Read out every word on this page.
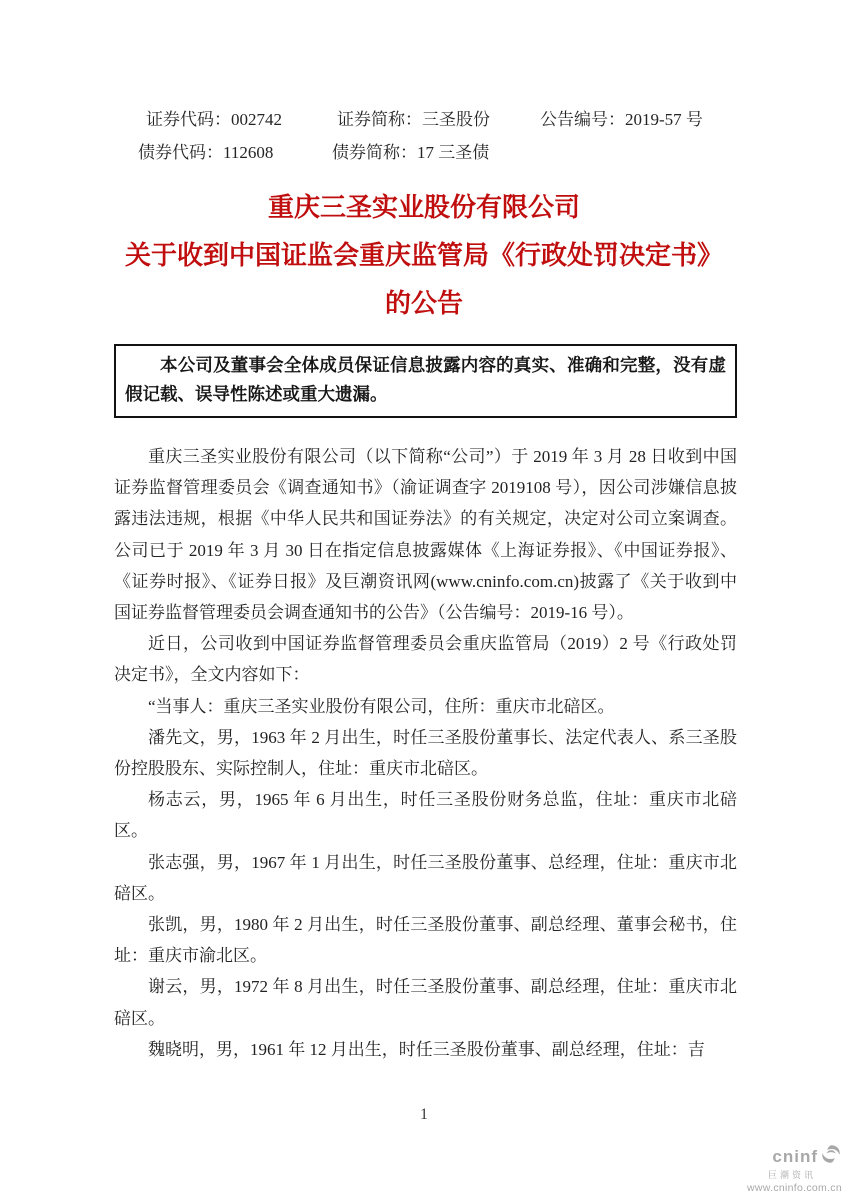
证券代码：002742	证券简称：三圣股份	公告编号：2019-57 号
债券代码：112608	债券简称：17 三圣债
重庆三圣实业股份有限公司
关于收到中国证监会重庆监管局《行政处罚决定书》
的公告
本公司及董事会全体成员保证信息披露内容的真实、准确和完整，没有虚假记载、误导性陈述或重大遗漏。

重庆三圣实业股份有限公司（以下简称“公司”）于 2019 年 3 月 28 日收到中国证券监督管理委员会《调查通知书》（渝证调查字 2019108 号），因公司涉嫌信息披露违法违规，根据《中华人民共和国证券法》的有关规定，决定对公司立案调查。公司已于 2019 年 3 月 30 日在指定信息披露媒体《上海证券报》、《中国证券报》、《证券时报》、《证券日报》及巨潮资讯网(www.cninfo.com.cn)披露了《关于收到中国证券监督管理委员会调查通知书的公告》（公告编号：2019-16 号）。

近日，公司收到中国证券监督管理委员会重庆监管局（2019）2 号《行政处罚决定书》，全文内容如下：

“当事人：重庆三圣实业股份有限公司，住所：重庆市北碚区。

潘先文，男，1963 年 2 月出生，时任三圣股份董事长、法定代表人、系三圣股份控股股东、实际控制人，住址：重庆市北碚区。

杨志云，男，1965 年 6 月出生，时任三圣股份财务总监，住址：重庆市北碚区。

张志强，男，1967 年 1 月出生，时任三圣股份董事、总经理，住址：重庆市北碚区。

张凯，男，1980 年 2 月出生，时任三圣股份董事、副总经理、董事会秘书，住址：重庆市渝北区。

谢云，男，1972 年 8 月出生，时任三圣股份董事、副总经理，住址：重庆市北碚区。

魏晓明，男，1961 年 12 月出生，时任三圣股份董事、副总经理，住址：吉

1
cninf
巨潮资讯
www.cninfo.com.cn
